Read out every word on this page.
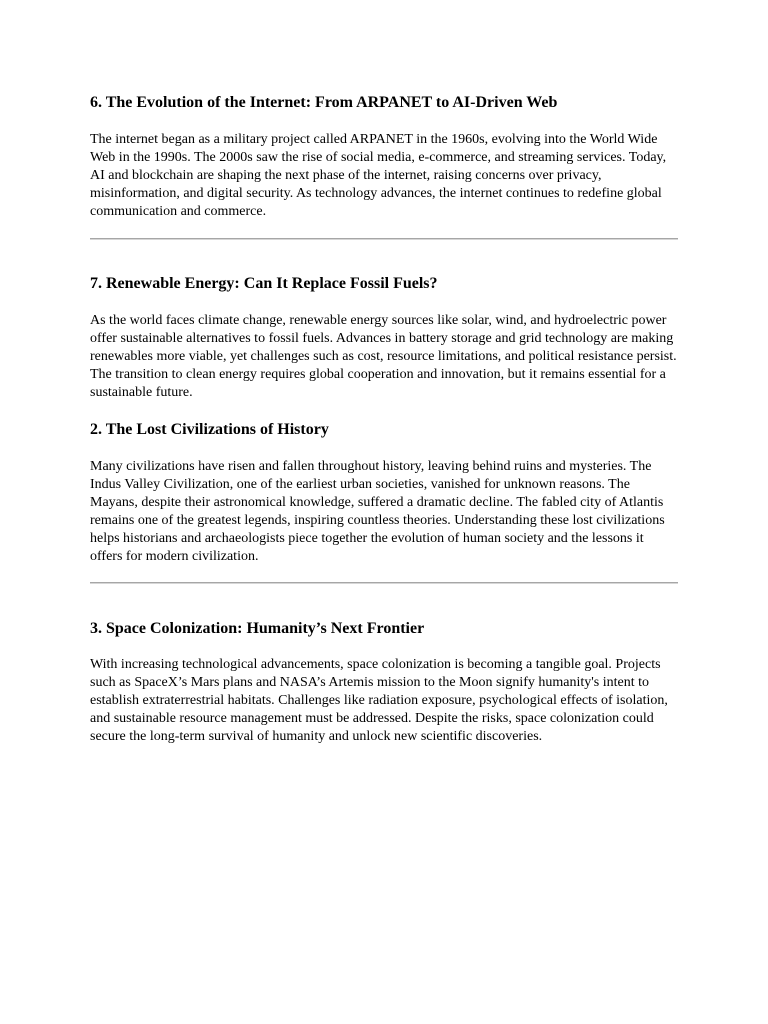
6. The Evolution of the Internet: From ARPANET to AI-Driven Web

The internet began as a military project called ARPANET in the 1960s, evolving into the World Wide Web in the 1990s. The 2000s saw the rise of social media, e-commerce, and streaming services. Today, AI and blockchain are shaping the next phase of the internet, raising concerns over privacy, misinformation, and digital security. As technology advances, the internet continues to redefine global communication and commerce.

7. Renewable Energy: Can It Replace Fossil Fuels?

As the world faces climate change, renewable energy sources like solar, wind, and hydroelectric power offer sustainable alternatives to fossil fuels. Advances in battery storage and grid technology are making renewables more viable, yet challenges such as cost, resource limitations, and political resistance persist. The transition to clean energy requires global cooperation and innovation, but it remains essential for a sustainable future.

2. The Lost Civilizations of History

Many civilizations have risen and fallen throughout history, leaving behind ruins and mysteries. The Indus Valley Civilization, one of the earliest urban societies, vanished for unknown reasons. The Mayans, despite their astronomical knowledge, suffered a dramatic decline. The fabled city of Atlantis remains one of the greatest legends, inspiring countless theories. Understanding these lost civilizations helps historians and archaeologists piece together the evolution of human society and the lessons it offers for modern civilization.

3. Space Colonization: Humanity’s Next Frontier

With increasing technological advancements, space colonization is becoming a tangible goal. Projects such as SpaceX’s Mars plans and NASA’s Artemis mission to the Moon signify humanity's intent to establish extraterrestrial habitats. Challenges like radiation exposure, psychological effects of isolation, and sustainable resource management must be addressed. Despite the risks, space colonization could secure the long-term survival of humanity and unlock new scientific discoveries.
